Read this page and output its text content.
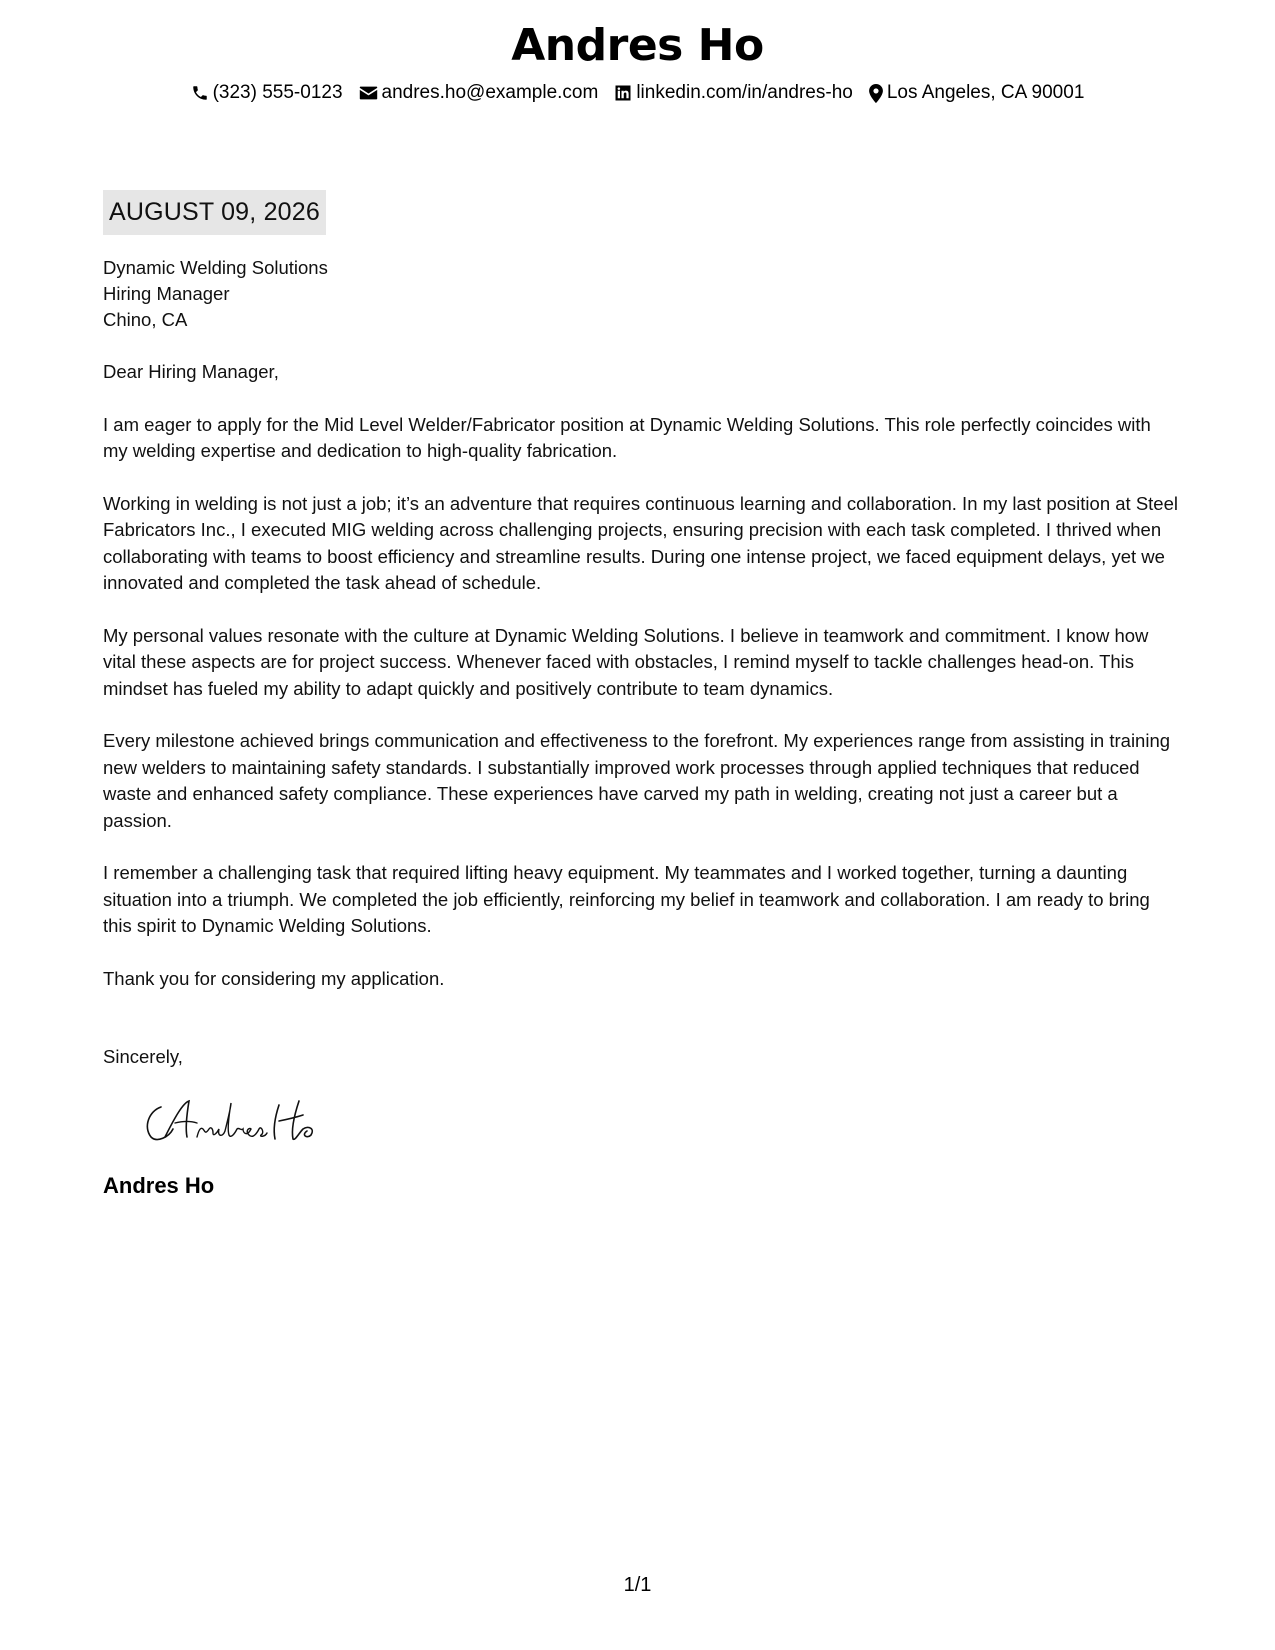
Andres Ho
(323) 555-0123 andres.ho@example.com linkedin.com/in/andres-ho Los Angeles, CA 90001
AUGUST 09, 2026
Dynamic Welding Solutions
Hiring Manager
Chino, CA

Dear Hiring Manager,

I am eager to apply for the Mid Level Welder/Fabricator position at Dynamic Welding Solutions. This role perfectly coincides with my welding expertise and dedication to high-quality fabrication.

Working in welding is not just a job; it’s an adventure that requires continuous learning and collaboration. In my last position at Steel Fabricators Inc., I executed MIG welding across challenging projects, ensuring precision with each task completed. I thrived when collaborating with teams to boost efficiency and streamline results. During one intense project, we faced equipment delays, yet we innovated and completed the task ahead of schedule.

My personal values resonate with the culture at Dynamic Welding Solutions. I believe in teamwork and commitment. I know how vital these aspects are for project success. Whenever faced with obstacles, I remind myself to tackle challenges head-on. This mindset has fueled my ability to adapt quickly and positively contribute to team dynamics.

Every milestone achieved brings communication and effectiveness to the forefront. My experiences range from assisting in training new welders to maintaining safety standards. I substantially improved work processes through applied techniques that reduced waste and enhanced safety compliance. These experiences have carved my path in welding, creating not just a career but a passion.

I remember a challenging task that required lifting heavy equipment. My teammates and I worked together, turning a daunting situation into a triumph. We completed the job efficiently, reinforcing my belief in teamwork and collaboration. I am ready to bring this spirit to Dynamic Welding Solutions.

Thank you for considering my application.

Sincerely,

Andres Ho
1/1
